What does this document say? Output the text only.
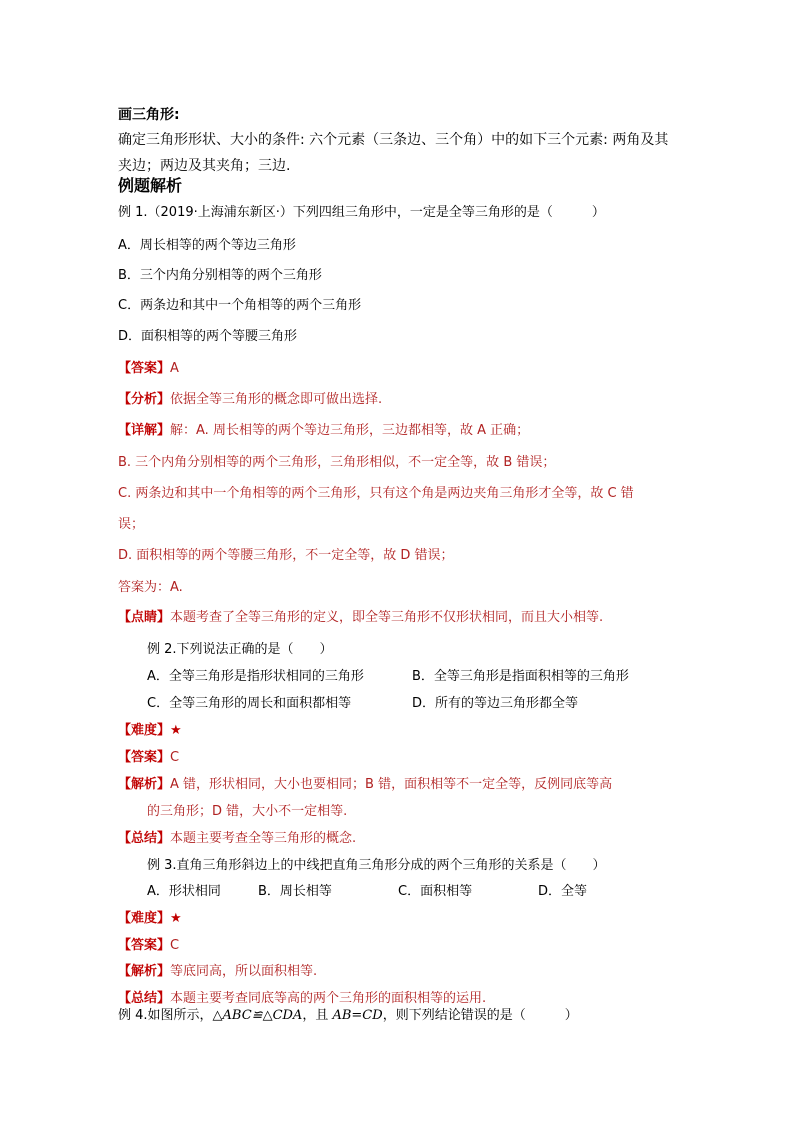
画三角形:
确定三角形形状、大小的条件: 六个元素（三条边、三个角）中的如下三个元素: 两角及其
夹边；两边及其夹角；三边.
例题解析
例 1.（2019·上海浦东新区·）下列四组三角形中，一定是全等三角形的是（　　　）
A．周长相等的两个等边三角形
B．三个内角分别相等的两个三角形
C．两条边和其中一个角相等的两个三角形
D．面积相等的两个等腰三角形
【答案】A
【分析】依据全等三角形的概念即可做出选择.
【详解】解：A. 周长相等的两个等边三角形，三边都相等，故 A 正确；
B. 三个内角分别相等的两个三角形，三角形相似，不一定全等，故 B 错误；
C. 两条边和其中一个角相等的两个三角形，只有这个角是两边夹角三角形才全等，故 C 错
误；
D. 面积相等的两个等腰三角形，不一定全等，故 D 错误；
答案为：A.
【点睛】本题考查了全等三角形的定义，即全等三角形不仅形状相同，而且大小相等.
例 2.下列说法正确的是（　　）
A．全等三角形是指形状相同的三角形	B．全等三角形是指面积相等的三角形
C．全等三角形的周长和面积都相等	D．所有的等边三角形都全等
【难度】★
【答案】C
【解析】A 错，形状相同，大小也要相同；B 错，面积相等不一定全等，反例同底等高
的三角形；D 错，大小不一定相等.
【总结】本题主要考查全等三角形的概念.
例 3.直角三角形斜边上的中线把直角三角形分成的两个三角形的关系是（　　）
A．形状相同	B．周长相等	C．面积相等	D．全等
【难度】★
【答案】C
【解析】等底同高，所以面积相等.
【总结】本题主要考查同底等高的两个三角形的面积相等的运用.
例 4.如图所示，△ABC≌△CDA，且 AB=CD，则下列结论错误的是（　　　）
